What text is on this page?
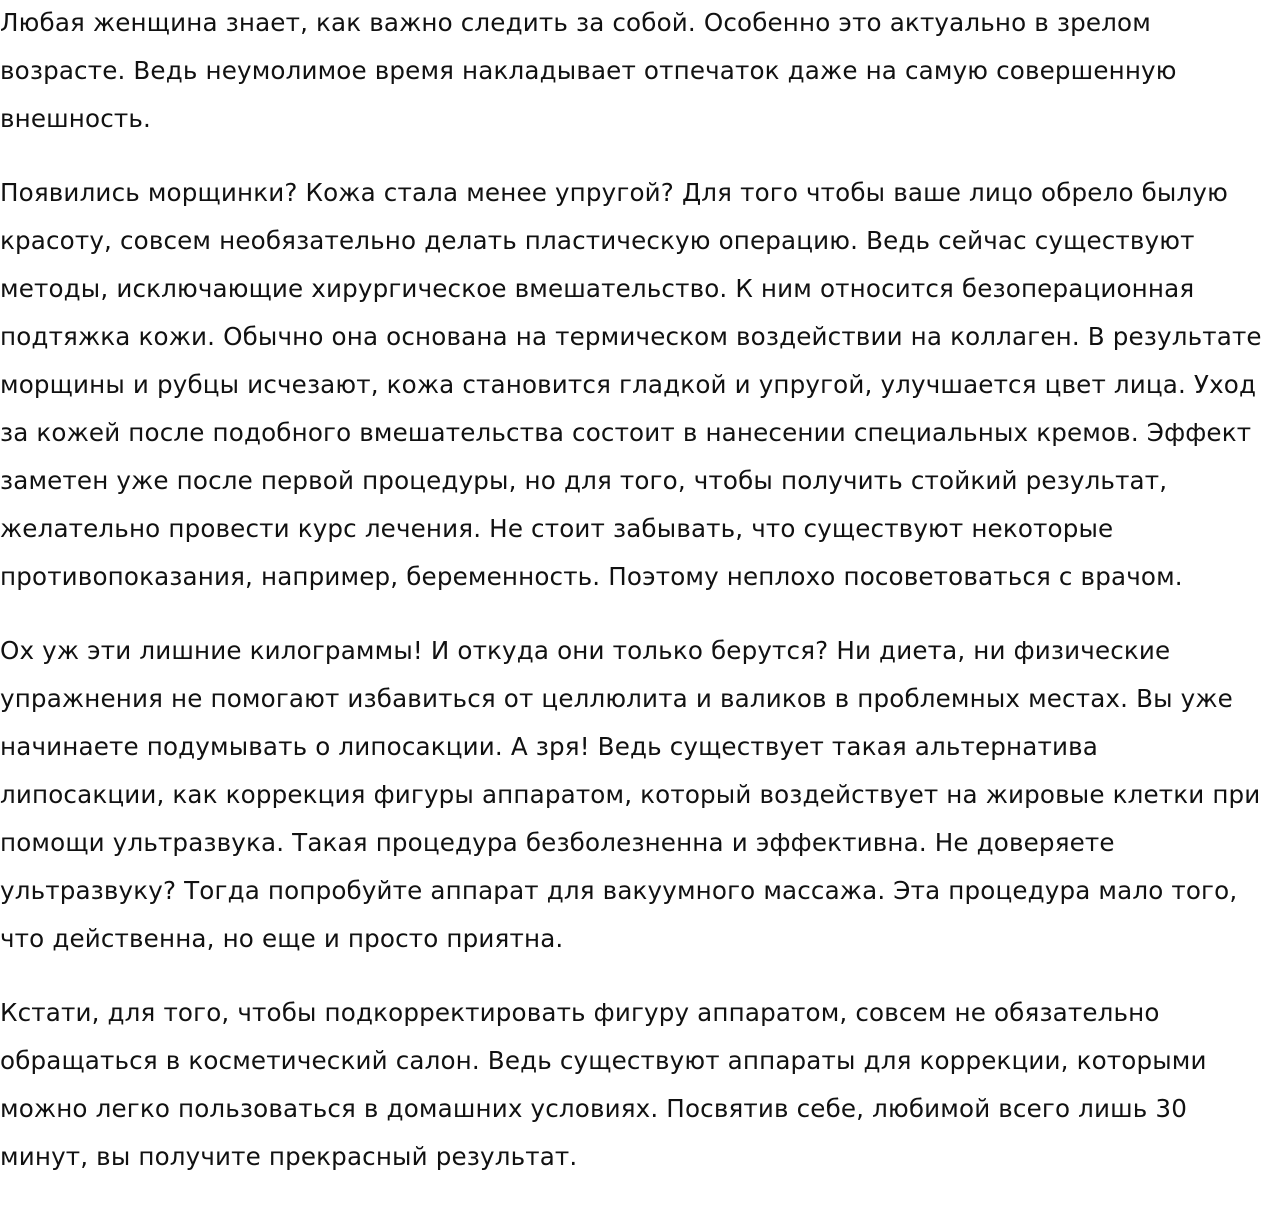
Любая женщина знает, как важно следить за собой. Особенно это актуально в зрелом возрасте. Ведь неумолимое время накладывает отпечаток даже на самую совершенную внешность.

Появились морщинки? Кожа стала менее упругой? Для того чтобы ваше лицо обрело былую красоту, совсем необязательно делать пластическую операцию. Ведь сейчас существуют методы, исключающие хирургическое вмешательство. К ним относится безоперационная подтяжка кожи. Обычно она основана на термическом воздействии на коллаген. В результате морщины и рубцы исчезают, кожа становится гладкой и упругой, улучшается цвет лица. Уход за кожей после подобного вмешательства состоит в нанесении специальных кремов. Эффект заметен уже после первой процедуры, но для того, чтобы получить стойкий результат, желательно провести курс лечения. Не стоит забывать, что существуют некоторые противопоказания, например, беременность. Поэтому неплохо посоветоваться с врачом.

Ох уж эти лишние килограммы! И откуда они только берутся? Ни диета, ни физические упражнения не помогают избавиться от целлюлита и валиков в проблемных местах. Вы уже начинаете подумывать о липосакции. А зря! Ведь существует такая альтернатива липосакции, как коррекция фигуры аппаратом, который воздействует на жировые клетки при помощи ультразвука. Такая процедура безболезненна и эффективна. Не доверяете ультразвуку? Тогда попробуйте аппарат для вакуумного массажа. Эта процедура мало того, что действенна, но еще и просто приятна.

Кстати, для того, чтобы подкорректировать фигуру аппаратом, совсем не обязательно обращаться в косметический салон. Ведь существуют аппараты для коррекции, которыми можно легко пользоваться в домашних условиях. Посвятив себе, любимой всего лишь 30 минут, вы получите прекрасный результат.
